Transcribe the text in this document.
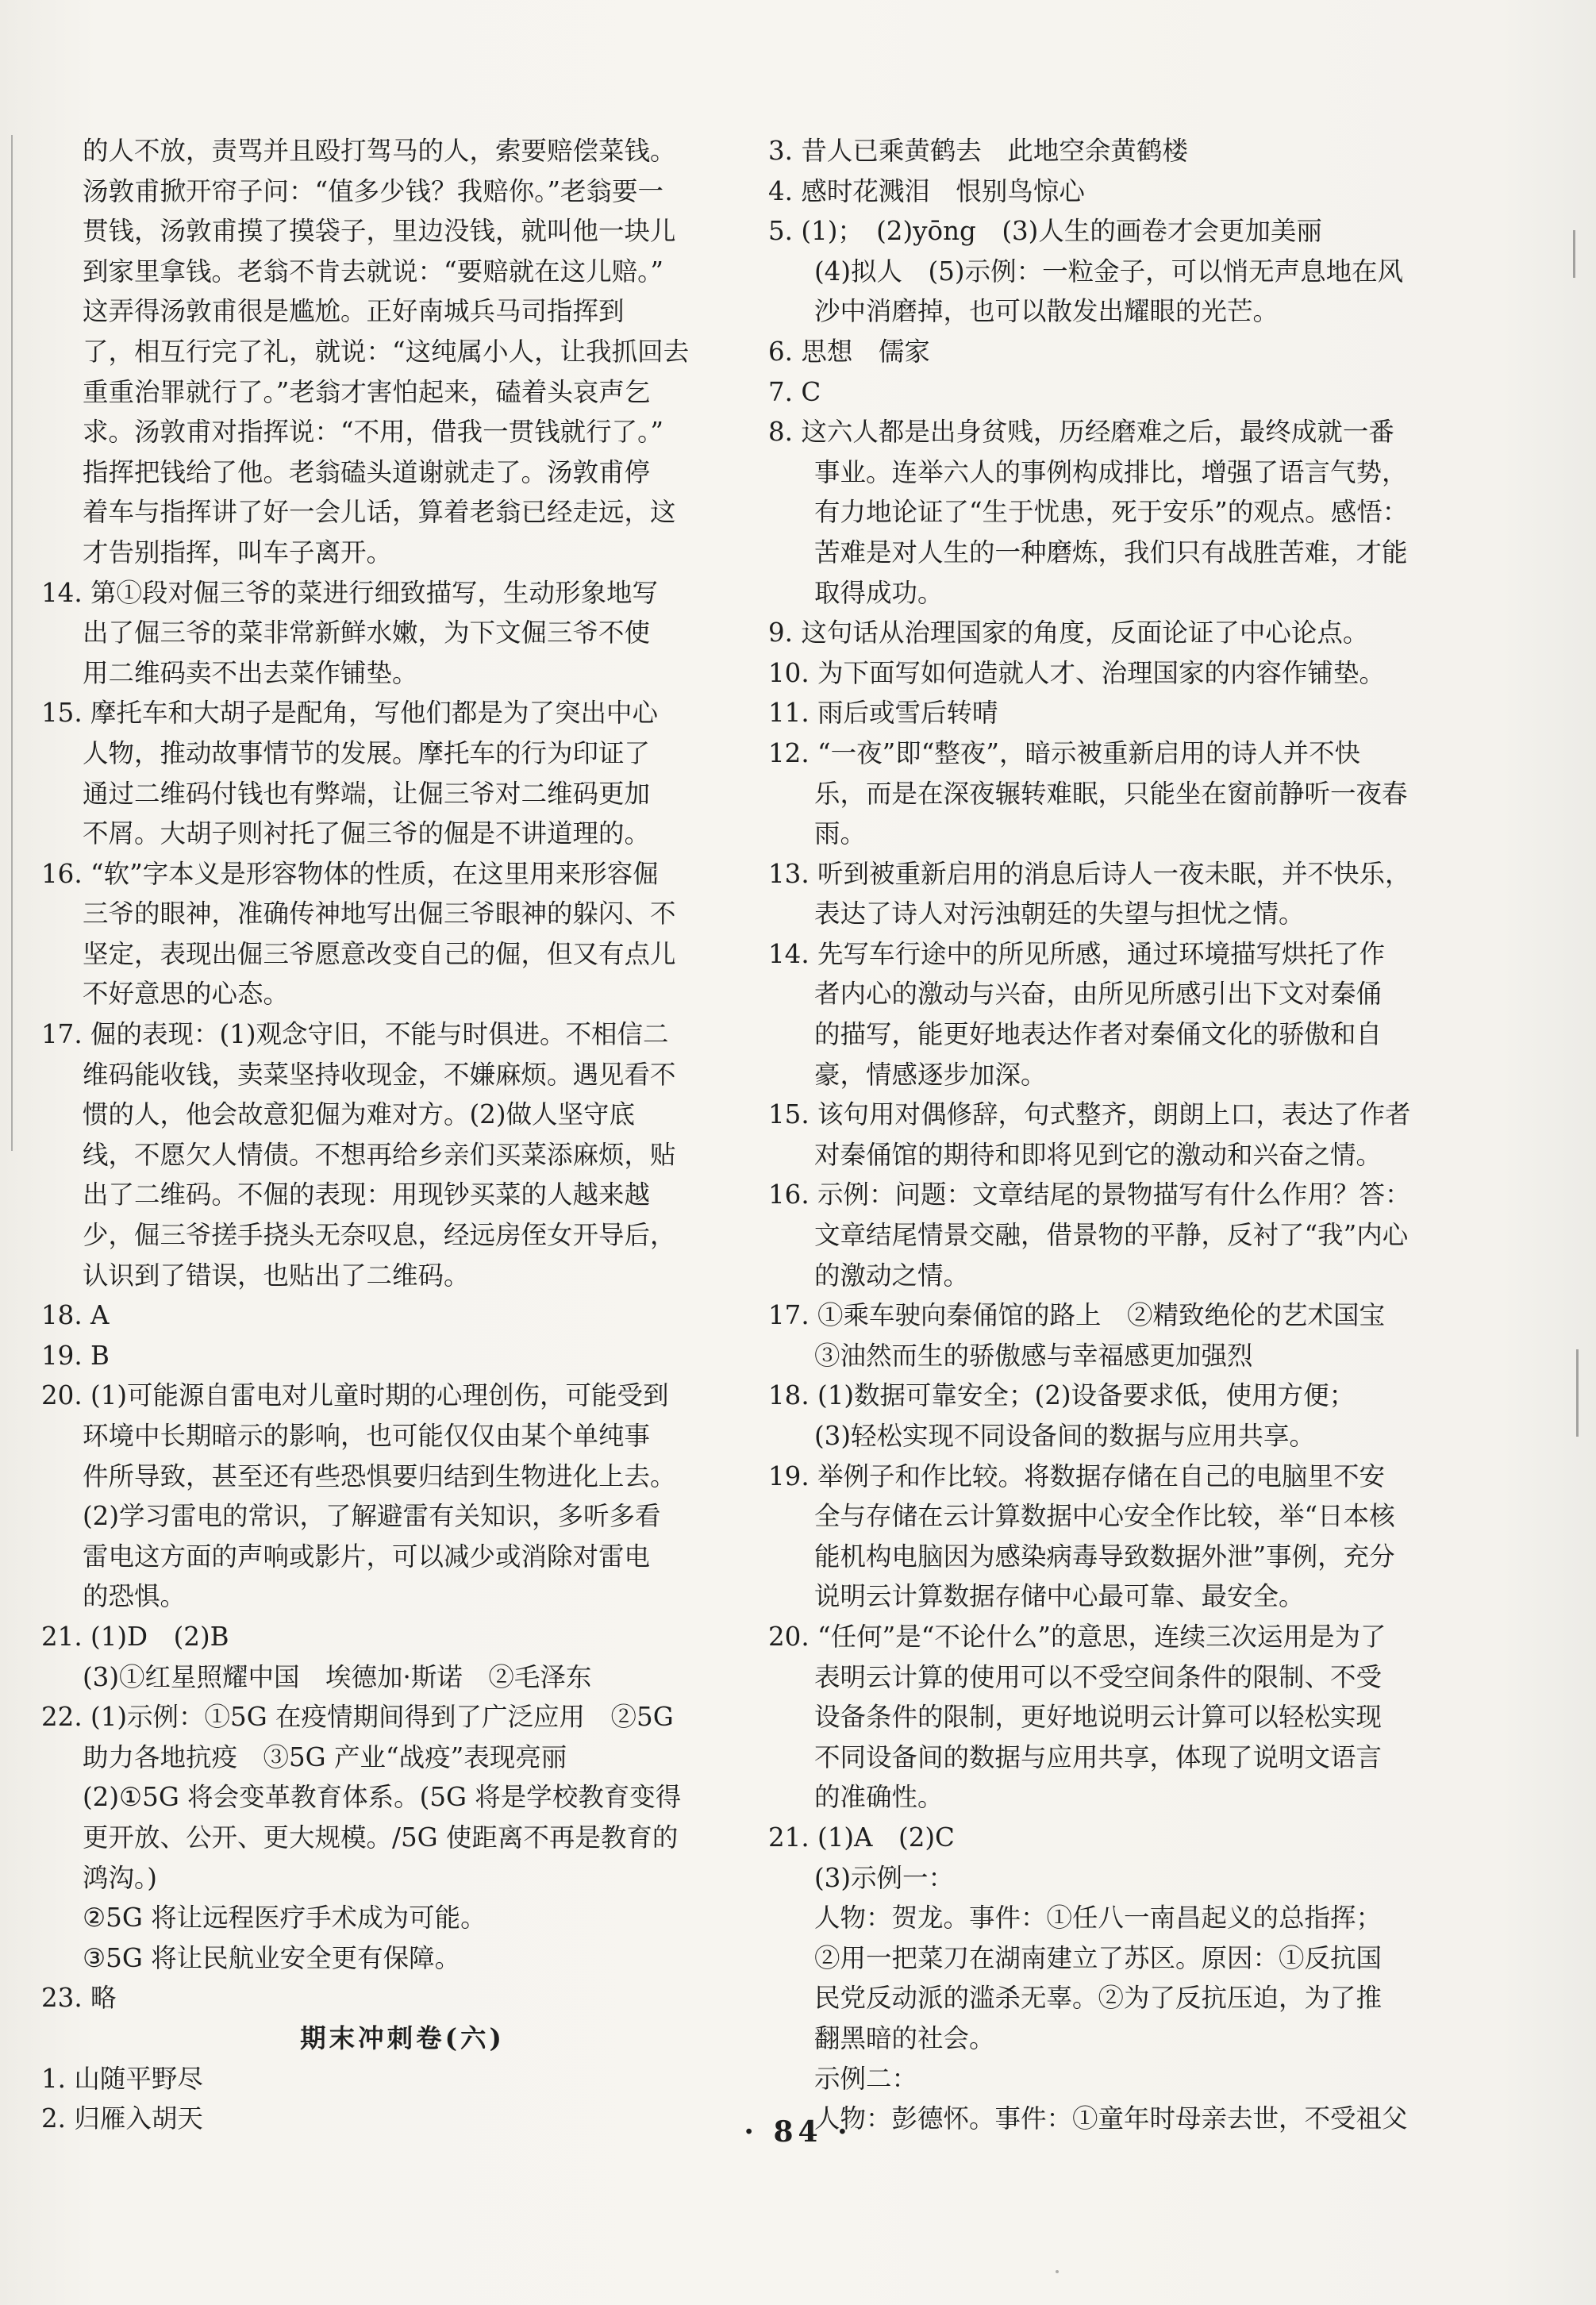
的人不放，责骂并且殴打驾马的人，索要赔偿菜钱。
汤敦甫掀开帘子问：“值多少钱？我赔你。”老翁要一
贯钱，汤敦甫摸了摸袋子，里边没钱，就叫他一块儿
到家里拿钱。老翁不肯去就说：“要赔就在这儿赔。”
这弄得汤敦甫很是尴尬。正好南城兵马司指挥到
了，相互行完了礼，就说：“这纯属小人，让我抓回去
重重治罪就行了。”老翁才害怕起来，磕着头哀声乞
求。汤敦甫对指挥说：“不用，借我一贯钱就行了。”
指挥把钱给了他。老翁磕头道谢就走了。汤敦甫停
着车与指挥讲了好一会儿话，算着老翁已经走远，这
才告别指挥，叫车子离开。
14. 第①段对倔三爷的菜进行细致描写，生动形象地写
出了倔三爷的菜非常新鲜水嫩，为下文倔三爷不使
用二维码卖不出去菜作铺垫。
15. 摩托车和大胡子是配角，写他们都是为了突出中心
人物，推动故事情节的发展。摩托车的行为印证了
通过二维码付钱也有弊端，让倔三爷对二维码更加
不屑。大胡子则衬托了倔三爷的倔是不讲道理的。
16. “软”字本义是形容物体的性质，在这里用来形容倔
三爷的眼神，准确传神地写出倔三爷眼神的躲闪、不
坚定，表现出倔三爷愿意改变自己的倔，但又有点儿
不好意思的心态。
17. 倔的表现：(1)观念守旧，不能与时俱进。不相信二
维码能收钱，卖菜坚持收现金，不嫌麻烦。遇见看不
惯的人，他会故意犯倔为难对方。(2)做人坚守底
线，不愿欠人情债。不想再给乡亲们买菜添麻烦，贴
出了二维码。不倔的表现：用现钞买菜的人越来越
少，倔三爷搓手挠头无奈叹息，经远房侄女开导后，
认识到了错误，也贴出了二维码。
18. A
19. B
20. (1)可能源自雷电对儿童时期的心理创伤，可能受到
环境中长期暗示的影响，也可能仅仅由某个单纯事
件所导致，甚至还有些恐惧要归结到生物进化上去。
(2)学习雷电的常识，了解避雷有关知识，多听多看
雷电这方面的声响或影片，可以减少或消除对雷电
的恐惧。
21. (1)D　(2)B
(3)①红星照耀中国　埃德加·斯诺　②毛泽东
22. (1)示例：①5G 在疫情期间得到了广泛应用　②5G
助力各地抗疫　③5G 产业“战疫”表现亮丽
(2)①5G 将会变革教育体系。(5G 将是学校教育变得
更开放、公开、更大规模。/5G 使距离不再是教育的
鸿沟。)
②5G 将让远程医疗手术成为可能。
③5G 将让民航业安全更有保障。
23. 略
期末冲刺卷(六)
1. 山随平野尽
2. 归雁入胡天
3. 昔人已乘黄鹤去　此地空余黄鹤楼
4. 感时花溅泪　恨别鸟惊心
5. (1)；　(2)yōng　(3)人生的画卷才会更加美丽
(4)拟人　(5)示例：一粒金子，可以悄无声息地在风
沙中消磨掉，也可以散发出耀眼的光芒。
6. 思想　儒家
7. C
8. 这六人都是出身贫贱，历经磨难之后，最终成就一番
事业。连举六人的事例构成排比，增强了语言气势，
有力地论证了“生于忧患，死于安乐”的观点。感悟：
苦难是对人生的一种磨炼，我们只有战胜苦难，才能
取得成功。
9. 这句话从治理国家的角度，反面论证了中心论点。
10. 为下面写如何造就人才、治理国家的内容作铺垫。
11. 雨后或雪后转晴
12. “一夜”即“整夜”，暗示被重新启用的诗人并不快
乐，而是在深夜辗转难眠，只能坐在窗前静听一夜春
雨。
13. 听到被重新启用的消息后诗人一夜未眠，并不快乐，
表达了诗人对污浊朝廷的失望与担忧之情。
14. 先写车行途中的所见所感，通过环境描写烘托了作
者内心的激动与兴奋，由所见所感引出下文对秦俑
的描写，能更好地表达作者对秦俑文化的骄傲和自
豪，情感逐步加深。
15. 该句用对偶修辞，句式整齐，朗朗上口，表达了作者
对秦俑馆的期待和即将见到它的激动和兴奋之情。
16. 示例：问题：文章结尾的景物描写有什么作用？答：
文章结尾情景交融，借景物的平静，反衬了“我”内心
的激动之情。
17. ①乘车驶向秦俑馆的路上　②精致绝伦的艺术国宝
③油然而生的骄傲感与幸福感更加强烈
18. (1)数据可靠安全；(2)设备要求低，使用方便；
(3)轻松实现不同设备间的数据与应用共享。
19. 举例子和作比较。将数据存储在自己的电脑里不安
全与存储在云计算数据中心安全作比较，举“日本核
能机构电脑因为感染病毒导致数据外泄”事例，充分
说明云计算数据存储中心最可靠、最安全。
20. “任何”是“不论什么”的意思，连续三次运用是为了
表明云计算的使用可以不受空间条件的限制、不受
设备条件的限制，更好地说明云计算可以轻松实现
不同设备间的数据与应用共享，体现了说明文语言
的准确性。
21. (1)A　(2)C
(3)示例一：
人物：贺龙。事件：①任八一南昌起义的总指挥；
②用一把菜刀在湖南建立了苏区。原因：①反抗国
民党反动派的滥杀无辜。②为了反抗压迫，为了推
翻黑暗的社会。
示例二：
人物：彭德怀。事件：①童年时母亲去世，不受祖父
· 84 ·
